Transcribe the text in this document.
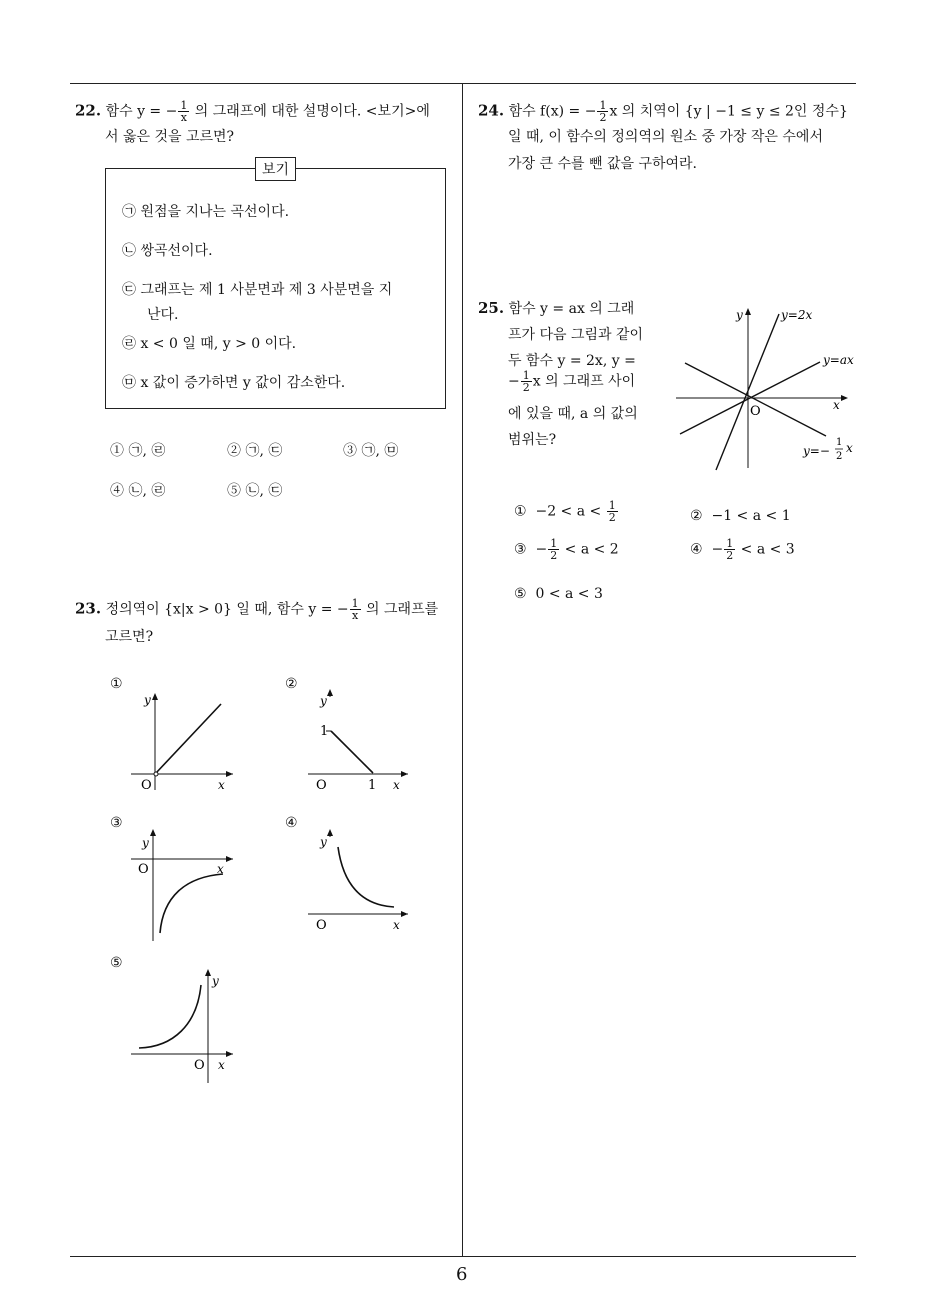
22. 함수 y = − $\frac{1}{x}$ 의 그래프에 대한 설명이다. <보기>에
서 옳은 것을 고르면?
보기
㉠ 원점을 지나는 곡선이다.
㉡ 쌍곡선이다.
㉢ 그래프는 제 1 사분면과 제 3 사분면을 지
난다.
㉣ x < 0 일 때, y > 0 이다.
㉤ x 값이 증가하면 y 값이 감소한다.
① ㉠, ㉣	② ㉠, ㉢	③ ㉠, ㉤
④ ㉡, ㉣	⑤ ㉡, ㉢
23. 정의역이 {x|x > 0} 일 때, 함수 y = − $\frac{1}{x}$ 의 그래프를
고르면?
①	②
③	④
⑤
y
O	x
y
1
O	1 x
y
O	x
y
O	x
y
O x
24. 함수 f(x) = − $\frac{1}{2}$ x 의 치역이 {y | −1 ≤ y ≤ 2인 정수}
일 때, 이 함수의 정의역의 원소 중 가장 작은 수에서
가장 큰 수를 뺀 값을 구하여라.
25. 함수 y = ax 의 그래
프가 다음 그림과 같이
두 함수 y = 2x, y =
− $\frac{1}{2}$ x 의 그래프 사이
에 있을 때, a 의 값의
범위는?
y
x
O
y=2x
y=ax
y=−
1
2
x
① $-2 < a < \frac{1}{2}$	② −1 < a < 1
③ − $\frac{1}{2} < a < 2$	④ − $\frac{1}{2} < a < 3$
⑤ 0 < a < 3
6
